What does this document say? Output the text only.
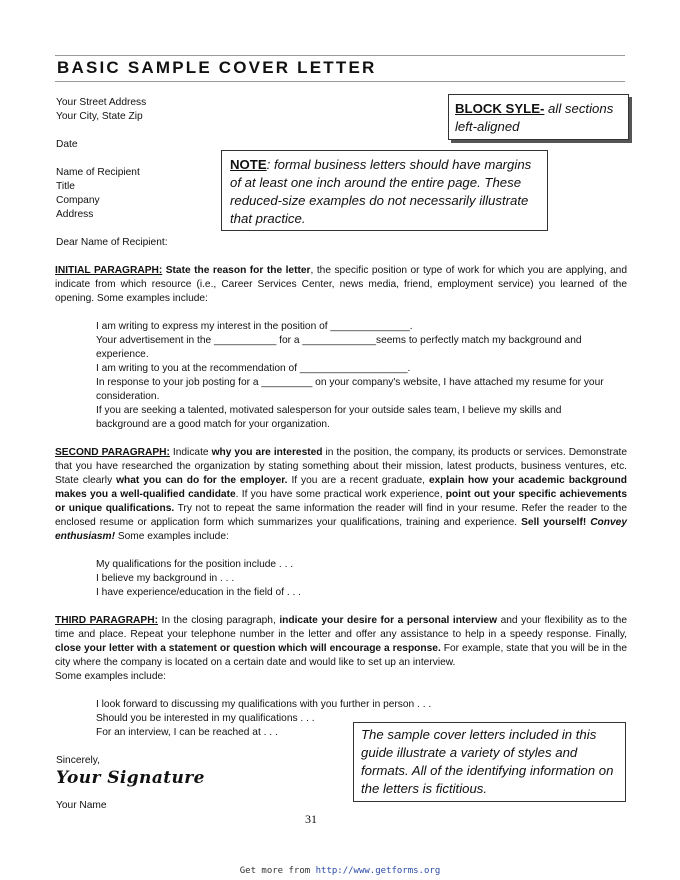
BASIC SAMPLE COVER LETTER
Your Street Address
Your City, State Zip
Date
Name of Recipient
Title
Company
Address
Dear Name of Recipient:
BLOCK SYLE- all sections left-aligned
NOTE: formal business letters should have margins of at least one inch around the entire page. These reduced-size examples do not necessarily illustrate that practice.
INITIAL PARAGRAPH: State the reason for the letter, the specific position or type of work for which you are applying, and indicate from which resource (i.e., Career Services Center, news media, friend, employment service) you learned of the opening. Some examples include:
I am writing to express my interest in the position of ______________.
Your advertisement in the ___________ for a _____________seems to perfectly match my background and experience.
I am writing to you at the recommendation of ___________________.
In response to your job posting for a _________ on your company's website, I have attached my resume for your consideration.
If you are seeking a talented, motivated salesperson for your outside sales team, I believe my skills and background are a good match for your organization.
SECOND PARAGRAPH: Indicate why you are interested in the position, the company, its products or services. Demonstrate that you have researched the organization by stating something about their mission, latest products, business ventures, etc. State clearly what you can do for the employer. If you are a recent graduate, explain how your academic background makes you a well-qualified candidate. If you have some practical work experience, point out your specific achievements or unique qualifications. Try not to repeat the same information the reader will find in your resume. Refer the reader to the enclosed resume or application form which summarizes your qualifications, training and experience. Sell yourself! Convey enthusiasm! Some examples include:
My qualifications for the position include . . .
I believe my background in . . .
I have experience/education in the field of . . .
THIRD PARAGRAPH: In the closing paragraph, indicate your desire for a personal interview and your flexibility as to the time and place. Repeat your telephone number in the letter and offer any assistance to help in a speedy response. Finally, close your letter with a statement or question which will encourage a response. For example, state that you will be in the city where the company is located on a certain date and would like to set up an interview.
Some examples include:
I look forward to discussing my qualifications with you further in person . . .
Should you be interested in my qualifications . . .
For an interview, I can be reached at . . .	The sample cover letters included in this guide illustrate a variety of styles and formats. All of the identifying information on the letters is fictitious.
Sincerely,
Your Signature
Your Name
31
Get more from http://www.getforms.org
